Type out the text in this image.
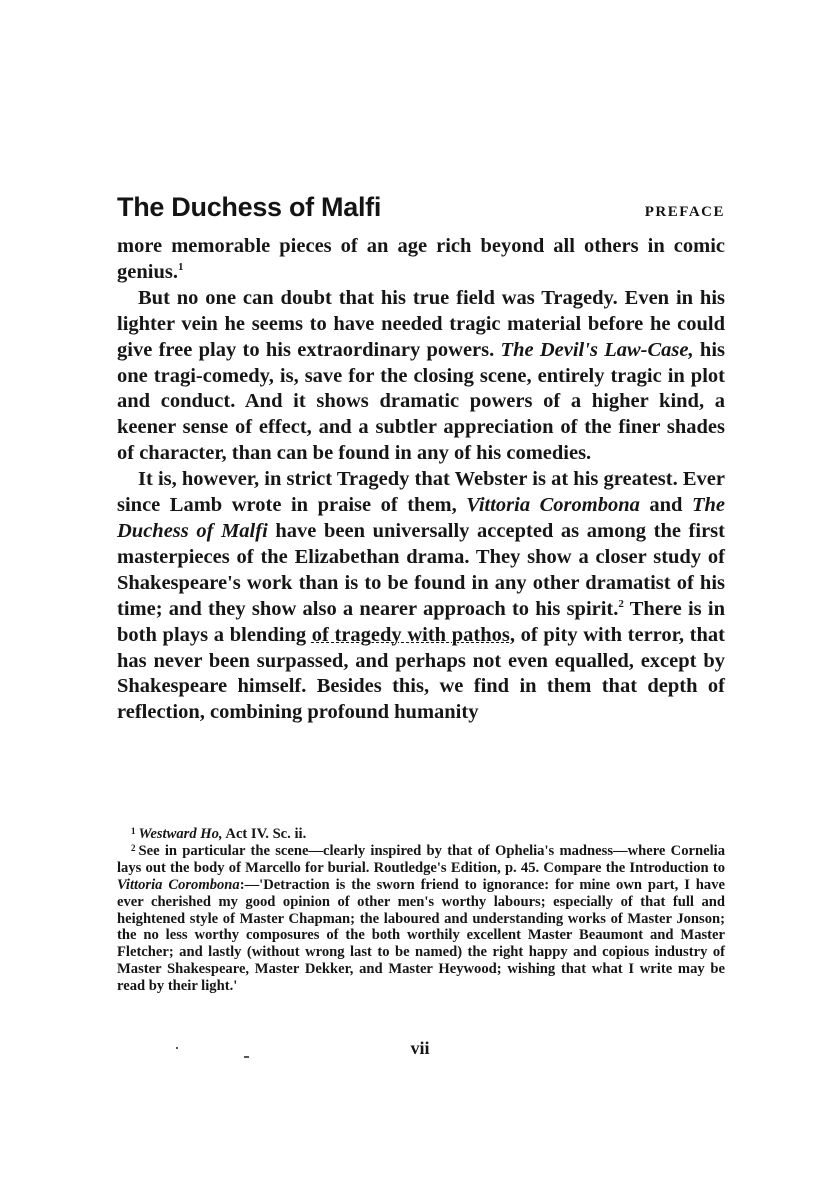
The Duchess of Malfi	PREFACE

more memorable pieces of an age rich beyond all others in comic genius.$^1$

But no one can doubt that his true field was Tragedy. Even in his lighter vein he seems to have needed tragic material before he could give free play to his extraordinary powers. The Devil's Law-Case, his one tragi-comedy, is, save for the closing scene, entirely tragic in plot and conduct. And it shows dramatic powers of a higher kind, a keener sense of effect, and a subtler appreciation of the finer shades of character, than can be found in any of his comedies.

It is, however, in strict Tragedy that Webster is at his greatest. Ever since Lamb wrote in praise of them, Vittoria Corombona and The Duchess of Malfi have been universally accepted as among the first masterpieces of the Elizabethan drama. They show a closer study of Shakespeare's work than is to be found in any other dramatist of his time; and they show also a nearer approach to his spirit.$^2$ There is in both plays a blending of tragedy with pathos, of pity with terror, that has never been surpassed, and perhaps not even equalled, except by Shakespeare himself. Besides this, we find in them that depth of reflection, combining profound humanity

$^1$ Westward Ho, Act IV. Sc. ii.

$^2$ See in particular the scene—clearly inspired by that of Ophelia's madness—where Cornelia lays out the body of Marcello for burial. Routledge's Edition, p. 45. Compare the Introduction to Vittoria Corombona:—'Detraction is the sworn friend to ignorance: for mine own part, I have ever cherished my good opinion of other men's worthy labours; especially of that full and heightened style of Master Chapman; the laboured and understanding works of Master Jonson; the no less worthy composures of the both worthily excellent Master Beaumont and Master Fletcher; and lastly (without wrong last to be named) the right happy and copious industry of Master Shakespeare, Master Dekker, and Master Heywood; wishing that what I write may be read by their light.'

vii
